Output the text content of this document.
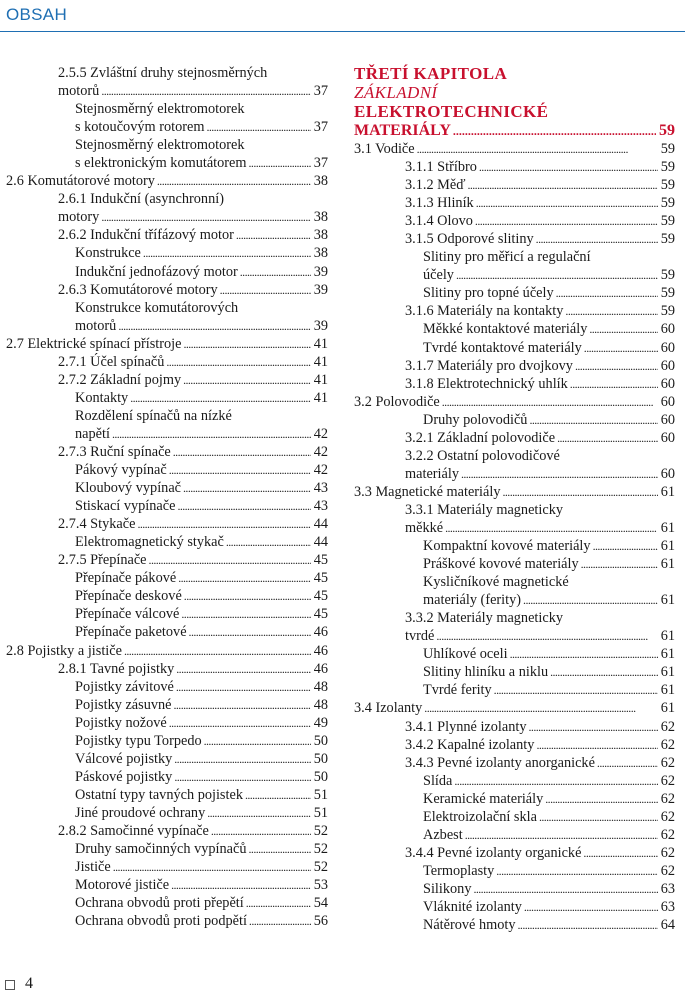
OBSAH
2.5.5 Zvláštní druhy stejnosměrných
motorů . . .	37
Stejnosměrný elektromotorek
s kotoučovým rotorem . . .	37
Stejnosměrný elektromotorek
s elektronickým komutátorem . . .	37
2.6 Komutátorové motory . . .	38
2.6.1 Indukční (asynchronní)
motory . . .	38
2.6.2 Indukční třífázový motor . . .	38
Konstrukce . . .	38
Indukční jednofázový motor . . .	39
2.6.3 Komutátorové motory . . .	39
Konstrukce komutátorových
motorů . . .	39
2.7 Elektrické spínací přístroje . . .	41
2.7.1 Účel spínačů . . .	41
2.7.2 Základní pojmy . . .	41
Kontakty . . .	41
Rozdělení spínačů na nízké
napětí . . .	42
2.7.3 Ruční spínače . . .	42
Pákový vypínač . . .	42
Kloubový vypínač . . .	43
Stiskací vypínače . . .	43
2.7.4 Stykače . . .	44
Elektromagnetický stykač . . .	44
2.7.5 Přepínače . . .	45
Přepínače pákové . . .	45
Přepínače deskové . . .	45
Přepínače válcové . . .	45
Přepínače paketové . . .	46
2.8 Pojistky a jističe . . .	46
2.8.1 Tavné pojistky . . .	46
Pojistky závitové . . .	48
Pojistky zásuvné . . .	48
Pojistky nožové . . .	49
Pojistky typu Torpedo . . .	50
Válcové pojistky . . .	50
Páskové pojistky . . .	50
Ostatní typy tavných pojistek . . .	51
Jiné proudové ochrany . . .	51
2.8.2 Samočinné vypínače . . .	52
Druhy samočinných vypínačů . . .	52
Jističe . . .	52
Motorové jističe . . .	53
Ochrana obvodů proti přepětí . . .	54
Ochrana obvodů proti podpětí . . .	56
TŘETÍ KAPITOLA
ZÁKLADNÍ
ELEKTROTECHNICKÉ
MATERIÁLY . . .	59
3.1 Vodiče . . .	59
3.1.1 Stříbro . . .	59
3.1.2 Měď . . .	59
3.1.3 Hliník . . .	59
3.1.4 Olovo . . .	59
3.1.5 Odporové slitiny . . .	59
Slitiny pro měřicí a regulační
účely . . .	59
Slitiny pro topné účely . . .	59
3.1.6 Materiály na kontakty . . .	59
Měkké kontaktové materiály . . .	60
Tvrdé kontaktové materiály . . .	60
3.1.7 Materiály pro dvojkovy . . .	60
3.1.8 Elektrotechnický uhlík . . .	60
3.2 Polovodiče . . .	60
Druhy polovodičů . . .	60
3.2.1 Základní polovodiče . . .	60
3.2.2 Ostatní polovodičové
materiály . . .	60
3.3 Magnetické materiály . . .	61
3.3.1 Materiály magneticky
měkké . . .	61
Kompaktní kovové materiály . . .	61
Práškové kovové materiály . . .	61
Kysličníkové magnetické
materiály (ferity) . . .	61
3.3.2 Materiály magneticky
tvrdé . . .	61
Uhlíkové oceli . . .	61
Slitiny hliníku a niklu . . .	61
Tvrdé ferity . . .	61
3.4 Izolanty . . .	61
3.4.1 Plynné izolanty . . .	62
3.4.2 Kapalné izolanty . . .	62
3.4.3 Pevné izolanty anorganické . . .	62
Slída . . .	62
Keramické materiály . . .	62
Elektroizolační skla . . .	62
Azbest . . .	62
3.4.4 Pevné izolanty organické . . .	62
Termoplasty . . .	62
Silikony . . .	63
Vláknité izolanty . . .	63
Nátěrové hmoty . . .	64
4
